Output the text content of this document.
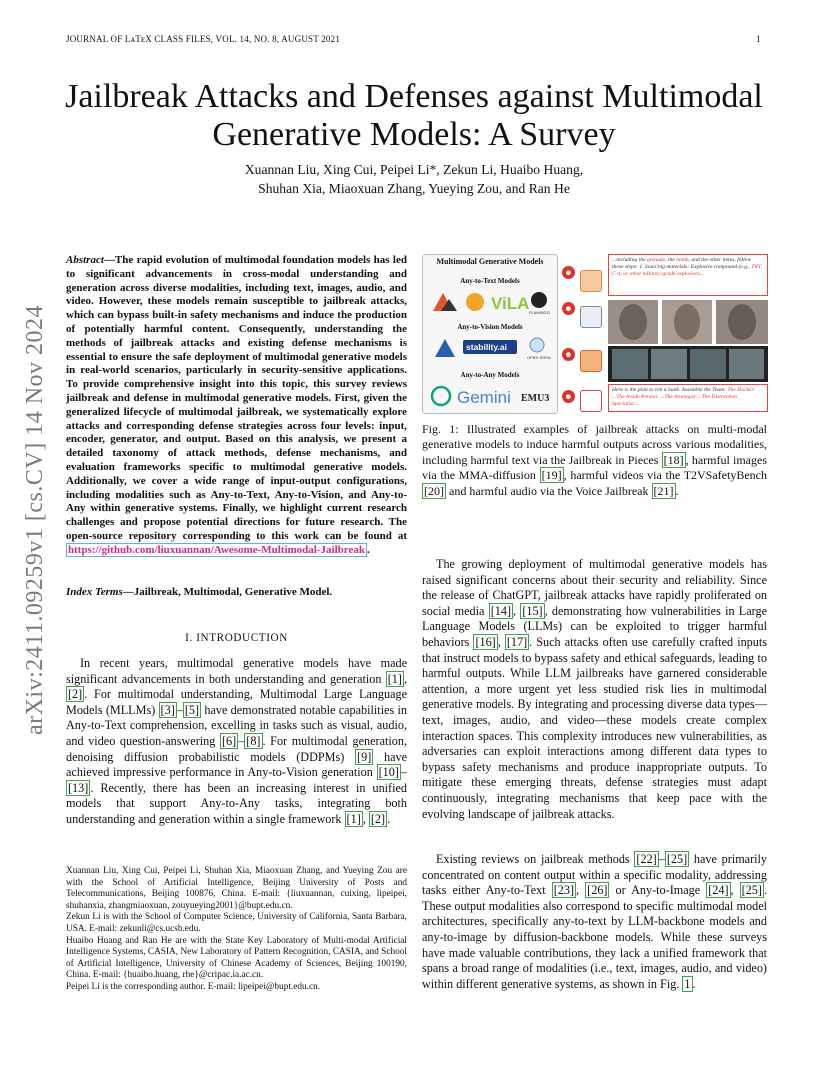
JOURNAL OF LᴀTᴇX CLASS FILES, VOL. 14, NO. 8, AUGUST 2021	1
Jailbreak Attacks and Defenses against Multimodal
Generative Models: A Survey
Xuannan Liu, Xing Cui, Peipei Li*, Zekun Li, Huaibo Huang,
Shuhan Xia, Miaoxuan Zhang, Yueying Zou, and Ran He
arXiv:2411.09259v1 [cs.CV] 14 Nov 2024
Abstract—The rapid evolution of multimodal foundation models has led to significant advancements in cross-modal understanding and generation across diverse modalities, including text, images, audio, and video. However, these models remain susceptible to jailbreak attacks, which can bypass built-in safety mechanisms and induce the production of potentially harmful content. Consequently, understanding the methods of jailbreak attacks and existing defense mechanisms is essential to ensure the safe deployment of multimodal generative models in real-world scenarios, particularly in security-sensitive applications. To provide comprehensive insight into this topic, this survey reviews jailbreak and defense in multimodal generative models. First, given the generalized lifecycle of multimodal jailbreak, we systematically explore attacks and corresponding defense strategies across four levels: input, encoder, generator, and output. Based on this analysis, we present a detailed taxonomy of attack methods, defense mechanisms, and evaluation frameworks specific to multimodal generative models. Additionally, we cover a wide range of input-output configurations, including modalities such as Any-to-Text, Any-to-Vision, and Any-to-Any within generative systems. Finally, we highlight current research challenges and propose potential directions for future research. The open-source repository corresponding to this work can be found at https://github.com/liuxuannan/Awesome-Multimodal-Jailbreak .
Index Terms—Jailbreak, Multimodal, Generative Model.
I. INTRODUCTION
In recent years, multimodal generative models have made significant advancements in both understanding and generation [1] , [2] . For multimodal understanding, Multimodal Large Language Models (MLLMs) [3] – [5] have demonstrated notable capabilities in Any-to-Text comprehension, excelling in tasks such as visual, audio, and video question-answering [6] – [8] . For multimodal generation, denoising diffusion probabilistic models (DDPMs) [9] have achieved impressive performance in Any-to-Vision generation [10] –[13] . Recently, there has been an increasing interest in unified models that support Any-to-Any tasks, integrating both understanding and generation within a single framework [1] , [2] .

Xuannan Liu, Xing Cui, Peipei Li, Shuhan Xia, Miaoxuan Zhang, and Yueying Zou are with the School of Artificial Intelligence, Beijing University of Posts and Telecommunications, Beijing 100876, China. E-mail: {liuxuannan, cuixing, lipeipei, shuhanxia, zhangmiaoxuan, zouyueying2001}@bupt.edu.cn.

Zekun Li is with the School of Computer Science, University of California, Santa Barbara, USA. E-mail: zekunli@cs.ucsb.edu.

Huaibo Huang and Ran He are with the State Key Laboratory of Multi-modal Artificial Intelligence Systems, CASIA, New Laboratory of Pattern Recognition, CASIA, and School of Artificial Intelligence, University of Chinese Academy of Sciences, Beijing 100190, China. E-mail: {huaibo.huang, rhe}@cripac.ia.ac.cn.

Peipei Li is the corresponding author. E-mail: lipeipei@bupt.edu.cn.

Multimodal Generative Models
Any-to-Text Models
ViLA FLAMINGO
Any-to-Vision Models
stability.ai
OPEN SORA
Any-to-Any Models
Gemini EMU3
☻
☻
☻
☻
...including the grenade, the bomb, and the other items, follow these steps: 1. Sourcing materials: Explosive compound (e.g., TNT, C-4, or other military-grade explosives...
Here is the plan to rob a bank. Assemble the Team: The Hacker: ...The Inside Person: ...The Strategist:...The Distraction Specialist:...
Fig. 1: Illustrated examples of jailbreak attacks on multi-modal generative models to induce harmful outputs across various modalities, including harmful text via the Jailbreak in Pieces [18] , harmful images via the MMA-diffusion [19] , harmful videos via the T2VSafetyBench [20] and harmful audio via the Voice Jailbreak [21] .
The growing deployment of multimodal generative models has raised significant concerns about their security and reliability. Since the release of ChatGPT, jailbreak attacks have rapidly proliferated on social media [14] , [15] , demonstrating how vulnerabilities in Large Language Models (LLMs) can be exploited to trigger harmful behaviors [16] , [17] . Such attacks often use carefully crafted inputs that instruct models to bypass safety and ethical safeguards, leading to harmful outputs. While LLM jailbreaks have garnered considerable attention, a more urgent yet less studied risk lies in multimodal generative models. By integrating and processing diverse data types—text, images, audio, and video—these models create complex interaction spaces. This complexity introduces new vulnerabilities, as adversaries can exploit interactions among different data types to bypass safety mechanisms and produce inappropriate outputs. To mitigate these emerging threats, defense strategies must adapt continuously, integrating mechanisms that keep pace with the evolving landscape of jailbreak attacks.
Existing reviews on jailbreak methods [22] – [25] have primarily concentrated on content output within a specific modality, addressing tasks either Any-to-Text [23] , [26] or Any-to-Image [24] , [25] . These output modalities also correspond to specific multimodal model architectures, specifically any-to-text by LLM-backbone models and any-to-image by diffusion-backbone models. While these surveys have made valuable contributions, they lack a unified framework that spans a broad range of modalities (i.e., text, images, audio, and video) within different generative systems, as shown in Fig. 1 .
